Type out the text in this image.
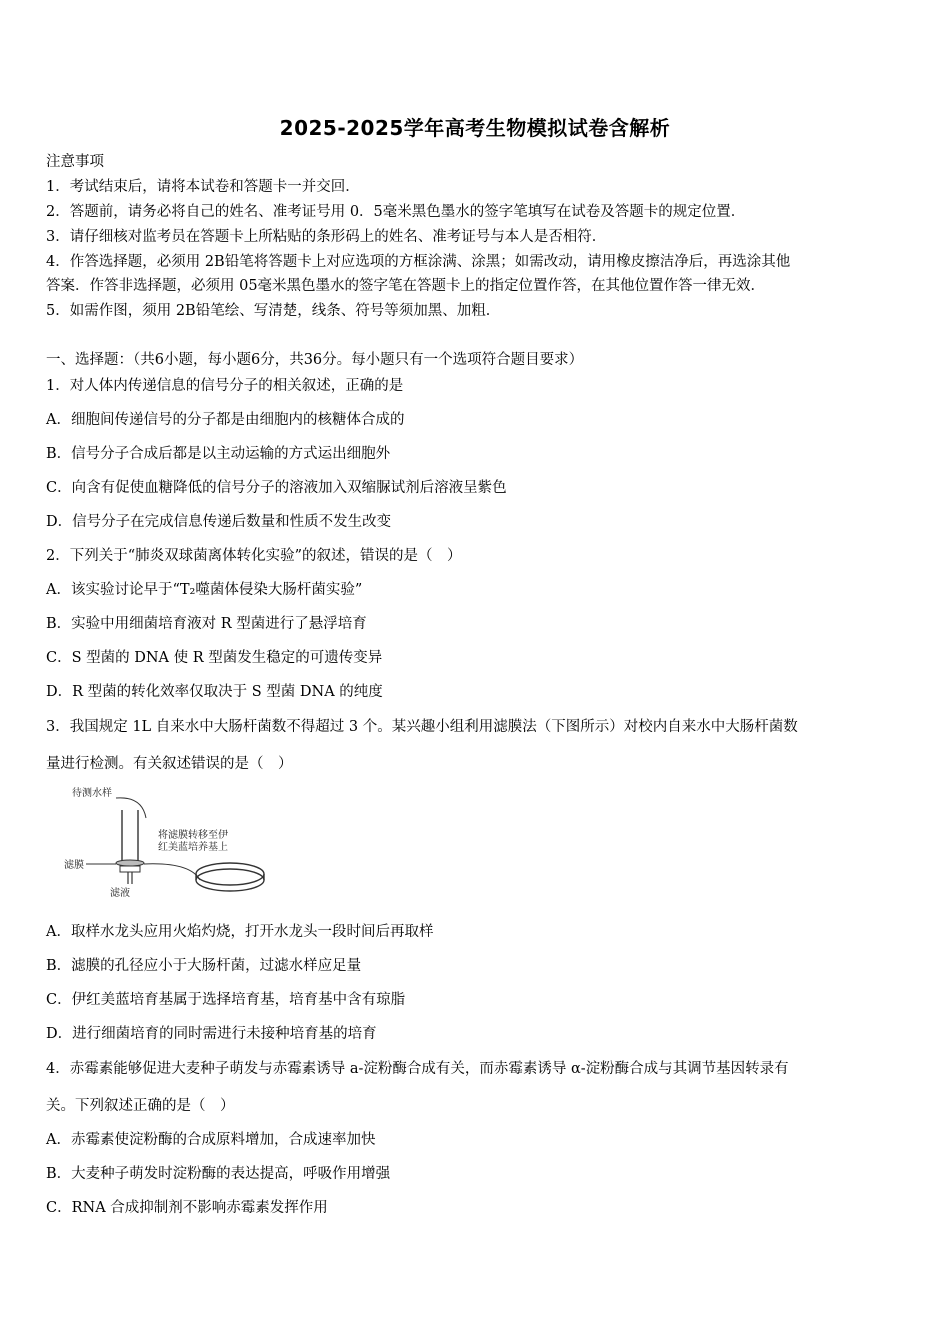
2025-2025学年高考生物模拟试卷含解析
注意事项
1．考试结束后，请将本试卷和答题卡一并交回．
2．答题前，请务必将自己的姓名、准考证号用 0．5毫米黑色墨水的签字笔填写在试卷及答题卡的规定位置．
3．请仔细核对监考员在答题卡上所粘贴的条形码上的姓名、准考证号与本人是否相符．
4．作答选择题，必须用 2B铅笔将答题卡上对应选项的方框涂满、涂黑；如需改动，请用橡皮擦洁净后，再选涂其他
答案．作答非选择题，必须用 05毫米黑色墨水的签字笔在答题卡上的指定位置作答，在其他位置作答一律无效．
5．如需作图，须用 2B铅笔绘、写清楚，线条、符号等须加黑、加粗．
一、选择题：（共6小题，每小题6分，共36分。每小题只有一个选项符合题目要求）
1．对人体内传递信息的信号分子的相关叙述，正确的是
A．细胞间传递信号的分子都是由细胞内的核糖体合成的
B．信号分子合成后都是以主动运输的方式运出细胞外
C．向含有促使血糖降低的信号分子的溶液加入双缩脲试剂后溶液呈紫色
D．信号分子在完成信息传递后数量和性质不发生改变
2．下列关于“肺炎双球菌离体转化实验”的叙述，错误的是（　）
A．该实验讨论早于“T₂噬菌体侵染大肠杆菌实验”
B．实验中用细菌培育液对 R 型菌进行了悬浮培育
C．S 型菌的 DNA 使 R 型菌发生稳定的可遗传变异
D．R 型菌的转化效率仅取决于 S 型菌 DNA 的纯度
3．我国规定 1L 自来水中大肠杆菌数不得超过 3 个。某兴趣小组利用滤膜法（下图所示）对校内自来水中大肠杆菌数
量进行检测。有关叙述错误的是（　）
待测水样
滤膜
滤液
将滤膜转移至伊
红美蓝培养基上
A．取样水龙头应用火焰灼烧，打开水龙头一段时间后再取样
B．滤膜的孔径应小于大肠杆菌，过滤水样应足量
C．伊红美蓝培育基属于选择培育基，培育基中含有琼脂
D．进行细菌培育的同时需进行未接种培育基的培育
4．赤霉素能够促进大麦种子萌发与赤霉素诱导 a-淀粉酶合成有关，而赤霉素诱导 α-淀粉酶合成与其调节基因转录有
关。下列叙述正确的是（　）
A．赤霉素使淀粉酶的合成原料增加，合成速率加快
B．大麦种子萌发时淀粉酶的表达提高，呼吸作用增强
C．RNA 合成抑制剂不影响赤霉素发挥作用
